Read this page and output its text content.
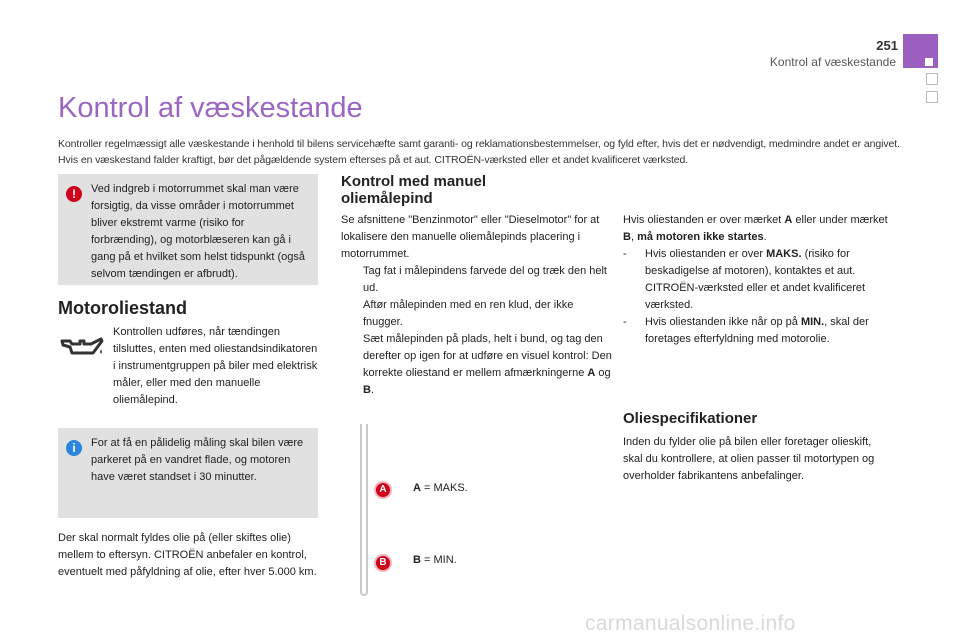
251
Kontrol af væskestande
Kontrol af væskestande

Kontroller regelmæssigt alle væskestande i henhold til bilens servicehæfte samt garanti- og reklamationsbestemmelser, og fyld efter, hvis det er nødvendigt, medmindre andet er angivet.

Hvis en væskestand falder kraftigt, bør det pågældende system efterses på et aut. CITROËN-værksted eller et andet kvalificeret værksted.

!	Ved indgreb i motorrummet skal man være forsigtig, da visse områder i motorrummet bliver ekstremt varme (risiko for forbrænding), og motorblæseren kan gå i gang på et hvilket som helst tidspunkt (også selvom tændingen er afbrudt).
Motoroliestand
Kontrollen udføres, når tændingen tilsluttes, enten med oliestandsindikatoren i instrumentgruppen på biler med elektrisk måler, eller med den manuelle oliemålepind.
i	For at få en pålidelig måling skal bilen være parkeret på en vandret flade, og motoren have været standset i 30 minutter.
Der skal normalt fyldes olie på (eller skiftes olie) mellem to eftersyn. CITROËN anbefaler en kontrol, eventuelt med påfyldning af olie, efter hver 5.000 km.
Kontrol med manuel oliemålepind
Se afsnittene "Benzinmotor" eller "Dieselmotor" for at lokalisere den manuelle oliemålepinds placering i motorrummet.
Tag fat i målepindens farvede del og træk den helt ud.
Aftør målepinden med en ren klud, der ikke fnugger.
Sæt målepinden på plads, helt i bund, og tag den derefter op igen for at udføre en visuel kontrol: Den korrekte oliestand er mellem afmærkningerne A og B.
A
B
A = MAKS.
B = MIN.
Hvis oliestanden er over mærket A eller under mærket B, må motoren ikke startes.
-	Hvis oliestanden er over MAKS. (risiko for beskadigelse af motoren), kontaktes et aut. CITROËN-værksted eller et andet kvalificeret værksted.
-	Hvis oliestanden ikke når op på MIN., skal der foretages efterfyldning med motorolie.
Oliespecifikationer
Inden du fylder olie på bilen eller foretager olieskift, skal du kontrollere, at olien passer til motortypen og overholder fabrikantens anbefalinger.
carmanualsonline.info
